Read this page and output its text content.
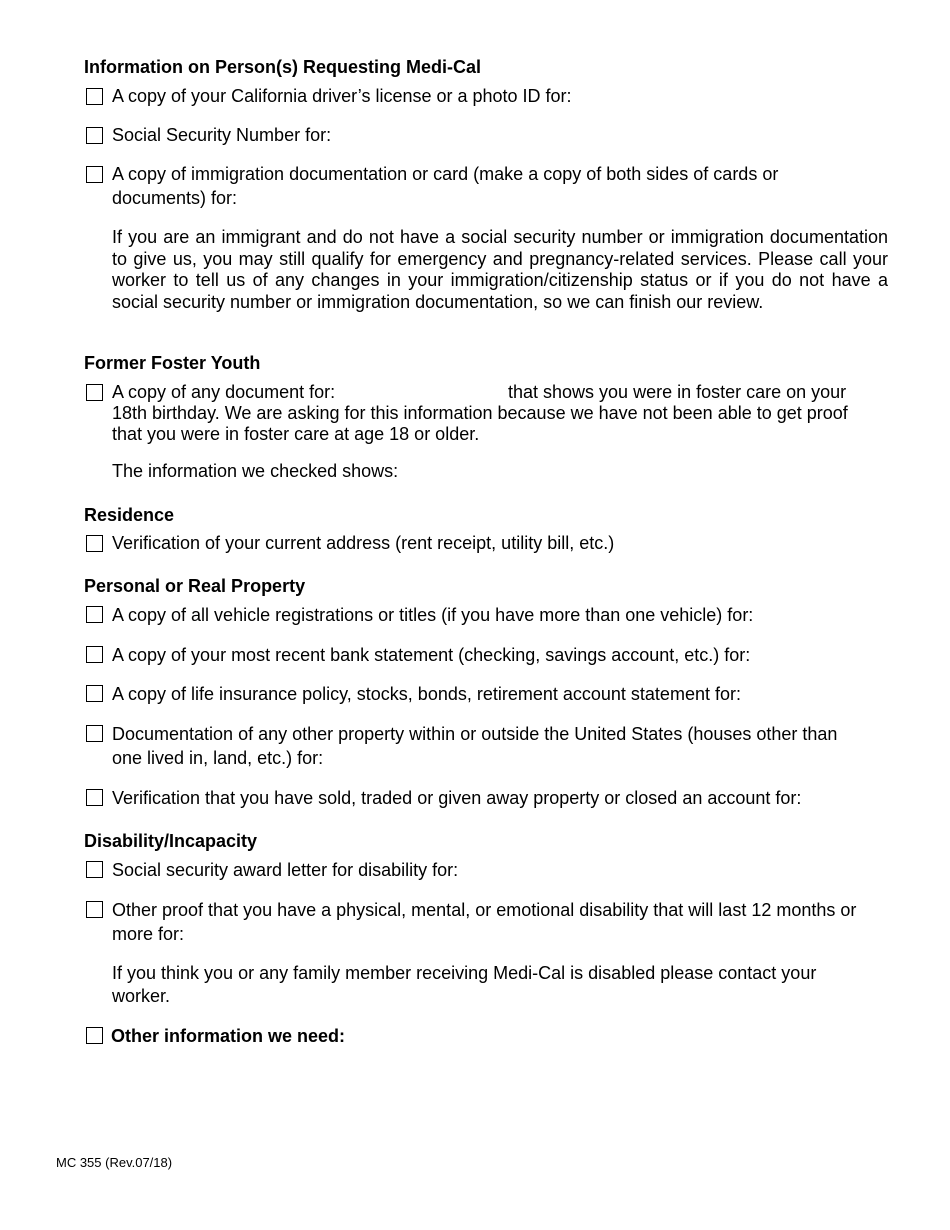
Information on Person(s) Requesting Medi-Cal
A copy of your California driver’s license or a photo ID for:
Social Security Number for:
A copy of immigration documentation or card (make a copy of both sides of cards or
documents) for:
If you are an immigrant and do not have a social security number or immigration documentation to give us, you may still qualify for emergency and pregnancy-related services. Please call your worker to tell us of any changes in your immigration/citizenship status or if you do not have a social security number or immigration documentation, so we can finish our review.
Former Foster Youth
A copy of any document for:	that shows you were in foster care on your
18th birthday. We are asking for this information because we have not been able to get proof
that you were in foster care at age 18 or older.
The information we checked shows:
Residence
Verification of your current address (rent receipt, utility bill, etc.)
Personal or Real Property
A copy of all vehicle registrations or titles (if you have more than one vehicle) for:
A copy of your most recent bank statement (checking, savings account, etc.) for:
A copy of life insurance policy, stocks, bonds, retirement account statement for:
Documentation of any other property within or outside the United States (houses other than
one lived in, land, etc.) for:
Verification that you have sold, traded or given away property or closed an account for:
Disability/Incapacity
Social security award letter for disability for:
Other proof that you have a physical, mental, or emotional disability that will last 12 months or
more for:
If you think you or any family member receiving Medi-Cal is disabled please contact your
worker.
Other information we need:
MC 355 (Rev.07/18)
